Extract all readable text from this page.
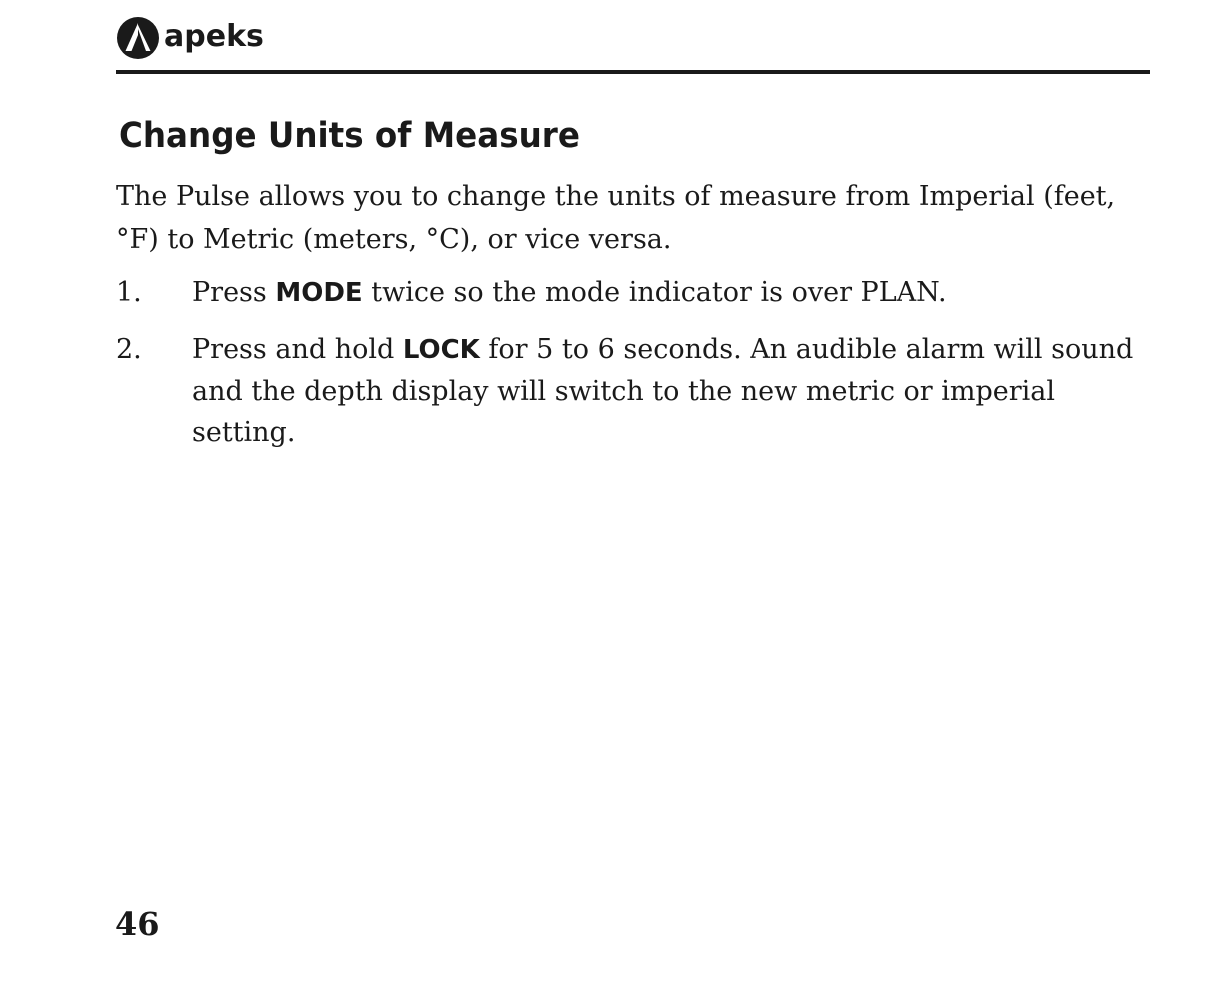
apeks
Change Units of Measure

The Pulse allows you to change the units of measure from Imperial (feet, °F) to Metric (meters, °C), or vice versa.

1. Press MODE twice so the mode indicator is over PLAN.
2. Press and hold LOCK for 5 to 6 seconds. An audible alarm will sound and the depth display will switch to the new metric or imperial setting.
46
